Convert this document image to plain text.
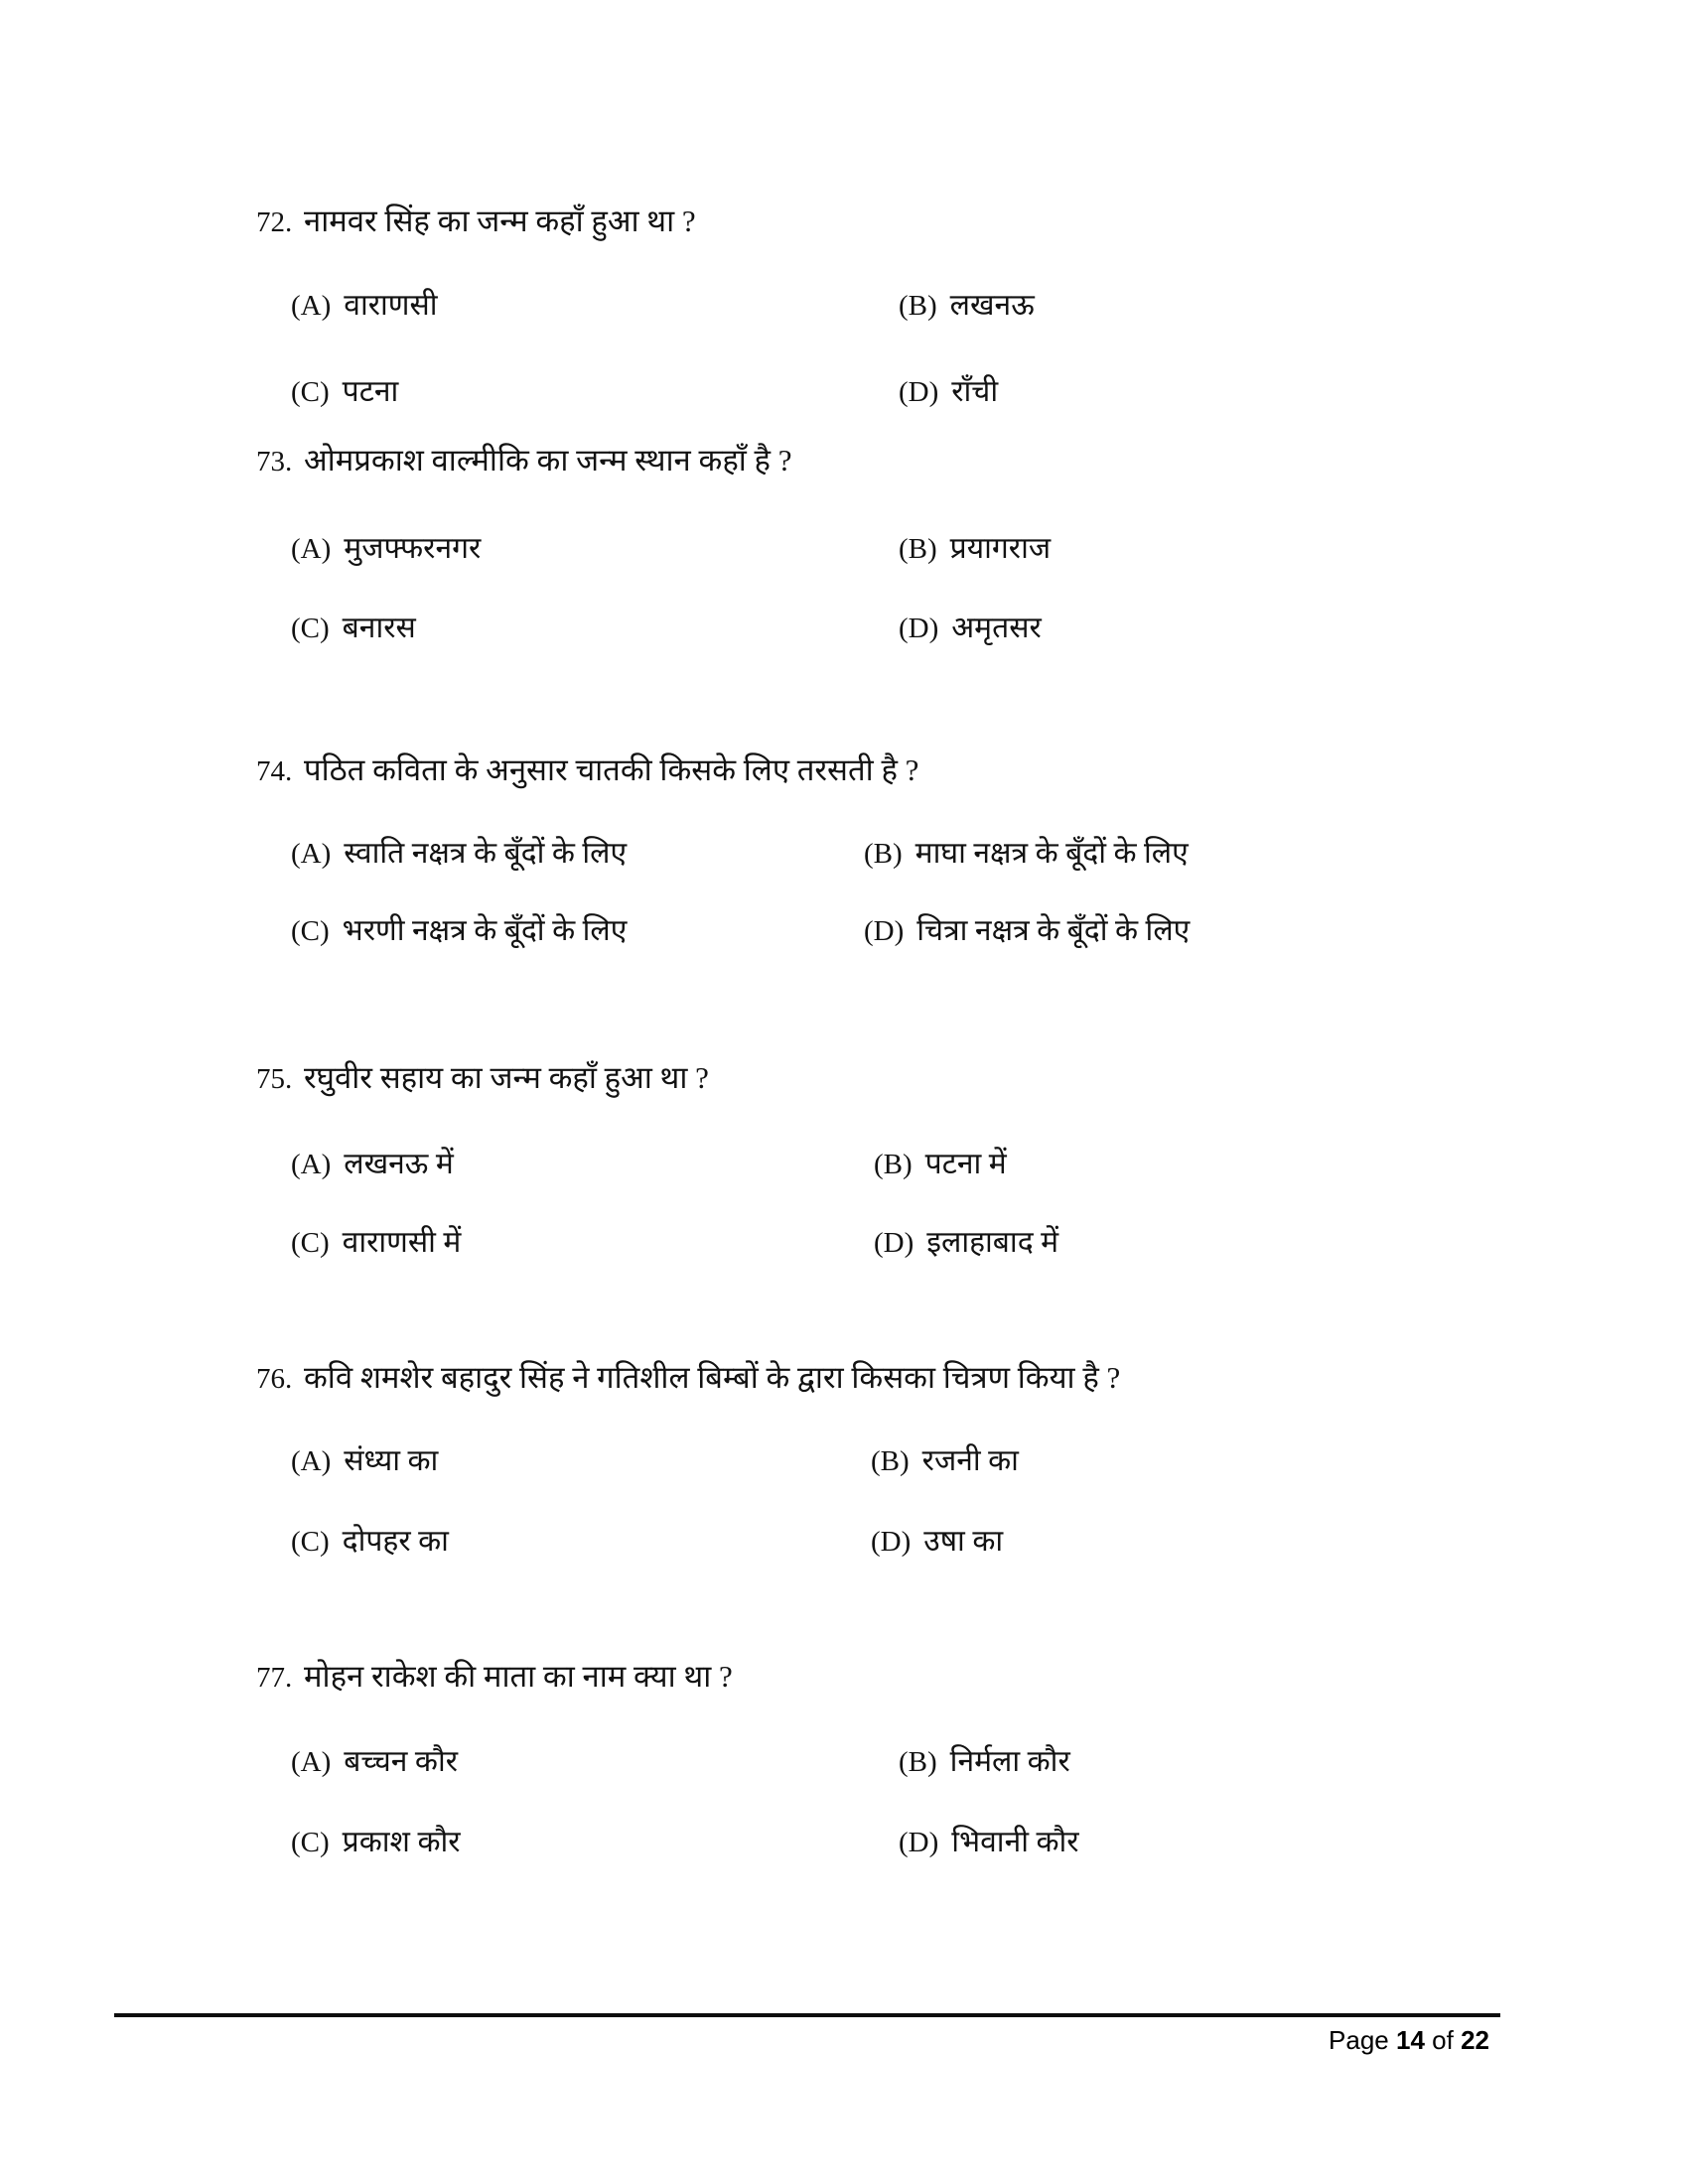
72. नामवर सिंह का जन्म कहाँ हुआ था ?
(A) वाराणसी	(B) लखनऊ
(C) पटना	(D) राँची
73. ओमप्रकाश वाल्मीकि का जन्म स्थान कहाँ है ?
(A) मुजफ्फरनगर	(B) प्रयागराज
(C) बनारस	(D) अमृतसर
74. पठित कविता के अनुसार चातकी किसके लिए तरसती है ?
(A) स्वाति नक्षत्र के बूँदों के लिए	(B) माघा नक्षत्र के बूँदों के लिए
(C) भरणी नक्षत्र के बूँदों के लिए	(D) चित्रा नक्षत्र के बूँदों के लिए
75. रघुवीर सहाय का जन्म कहाँ हुआ था ?
(A) लखनऊ में	(B) पटना में
(C) वाराणसी में	(D) इलाहाबाद में
76. कवि शमशेर बहादुर सिंह ने गतिशील बिम्बों के द्वारा किसका चित्रण किया है ?
(A) संध्या का	(B) रजनी का
(C) दोपहर का	(D) उषा का
77. मोहन राकेश की माता का नाम क्या था ?
(A) बच्चन कौर	(B) निर्मला कौर
(C) प्रकाश कौर	(D) भिवानी कौर
Page 14 of 22
